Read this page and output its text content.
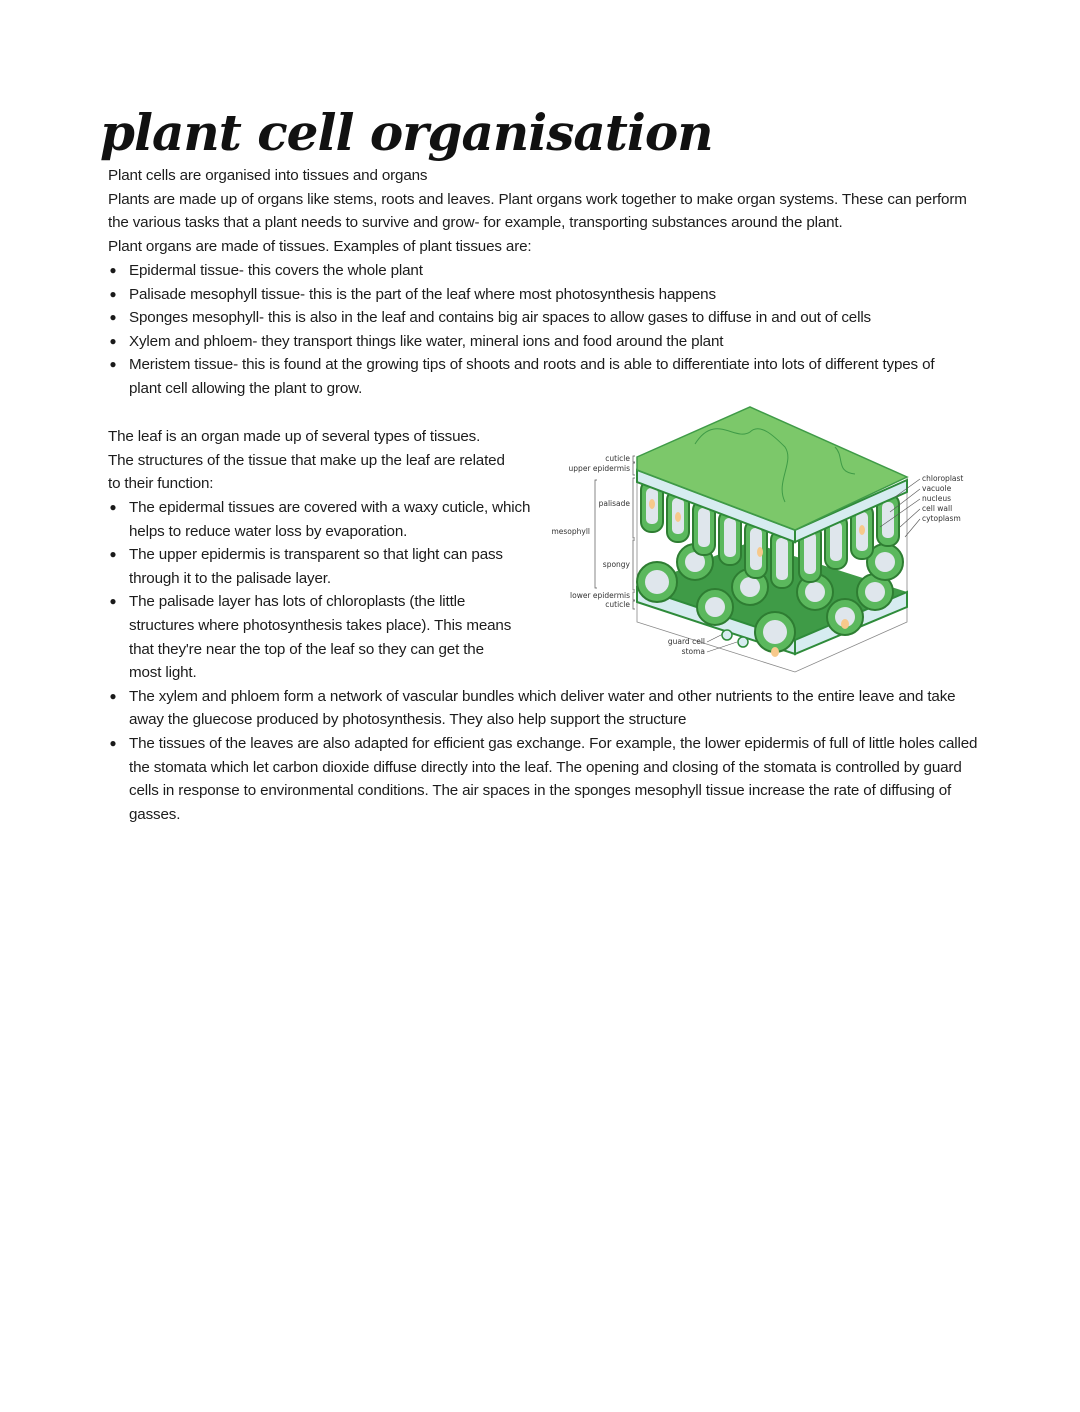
plant cell organisation
Plant cells are organised into tissues and organs
Plants are made up of organs like stems, roots and leaves. Plant organs work together to make organ systems. These can perform
the various tasks that a plant needs to survive and grow- for example, transporting substances around the plant.
Plant organs are made of tissues. Examples of plant tissues are:
● Epidermal tissue- this covers the whole plant
● Palisade mesophyll tissue- this is the part of the leaf where most photosynthesis happens
● Sponges mesophyll- this is also in the leaf and contains big air spaces to allow gases to diffuse in and out of cells
● Xylem and phloem- they transport things like water, mineral ions and food around the plant
● Meristem tissue- this is found at the growing tips of shoots and roots and is able to differentiate into lots of different types of
plant cell allowing the plant to grow.
The leaf is an organ made up of several types of tissues.
The structures of the tissue that make up the leaf are related
to their function:
● The epidermal tissues are covered with a waxy cuticle, which
helps to reduce water loss by evaporation.
● The upper epidermis is transparent so that light can pass
through it to the palisade layer.
● The palisade layer has lots of chloroplasts (the little
structures where photosynthesis takes place). This means
that they're near the top of the leaf so they can get the
most light.
● The xylem and phloem form a network of vascular bundles which deliver water and other nutrients to the entire leave and take
away the gluecose produced by photosynthesis. They also help support the structure
● The tissues of the leaves are also adapted for efficient gas exchange. For example, the lower epidermis of full of little holes called
the stomata which let carbon dioxide diffuse directly into the leaf. The opening and closing of the stomata is controlled by guard
cells in response to environmental conditions. The air spaces in the sponges mesophyll tissue increase the rate of diffusing of
gasses.
cuticle
upper epidermis
palisade
mesophyll
spongy
lower epidermis
cuticle
chloroplast
vacuole
nucleus
cell wall
cytoplasm
guard cell
stoma
